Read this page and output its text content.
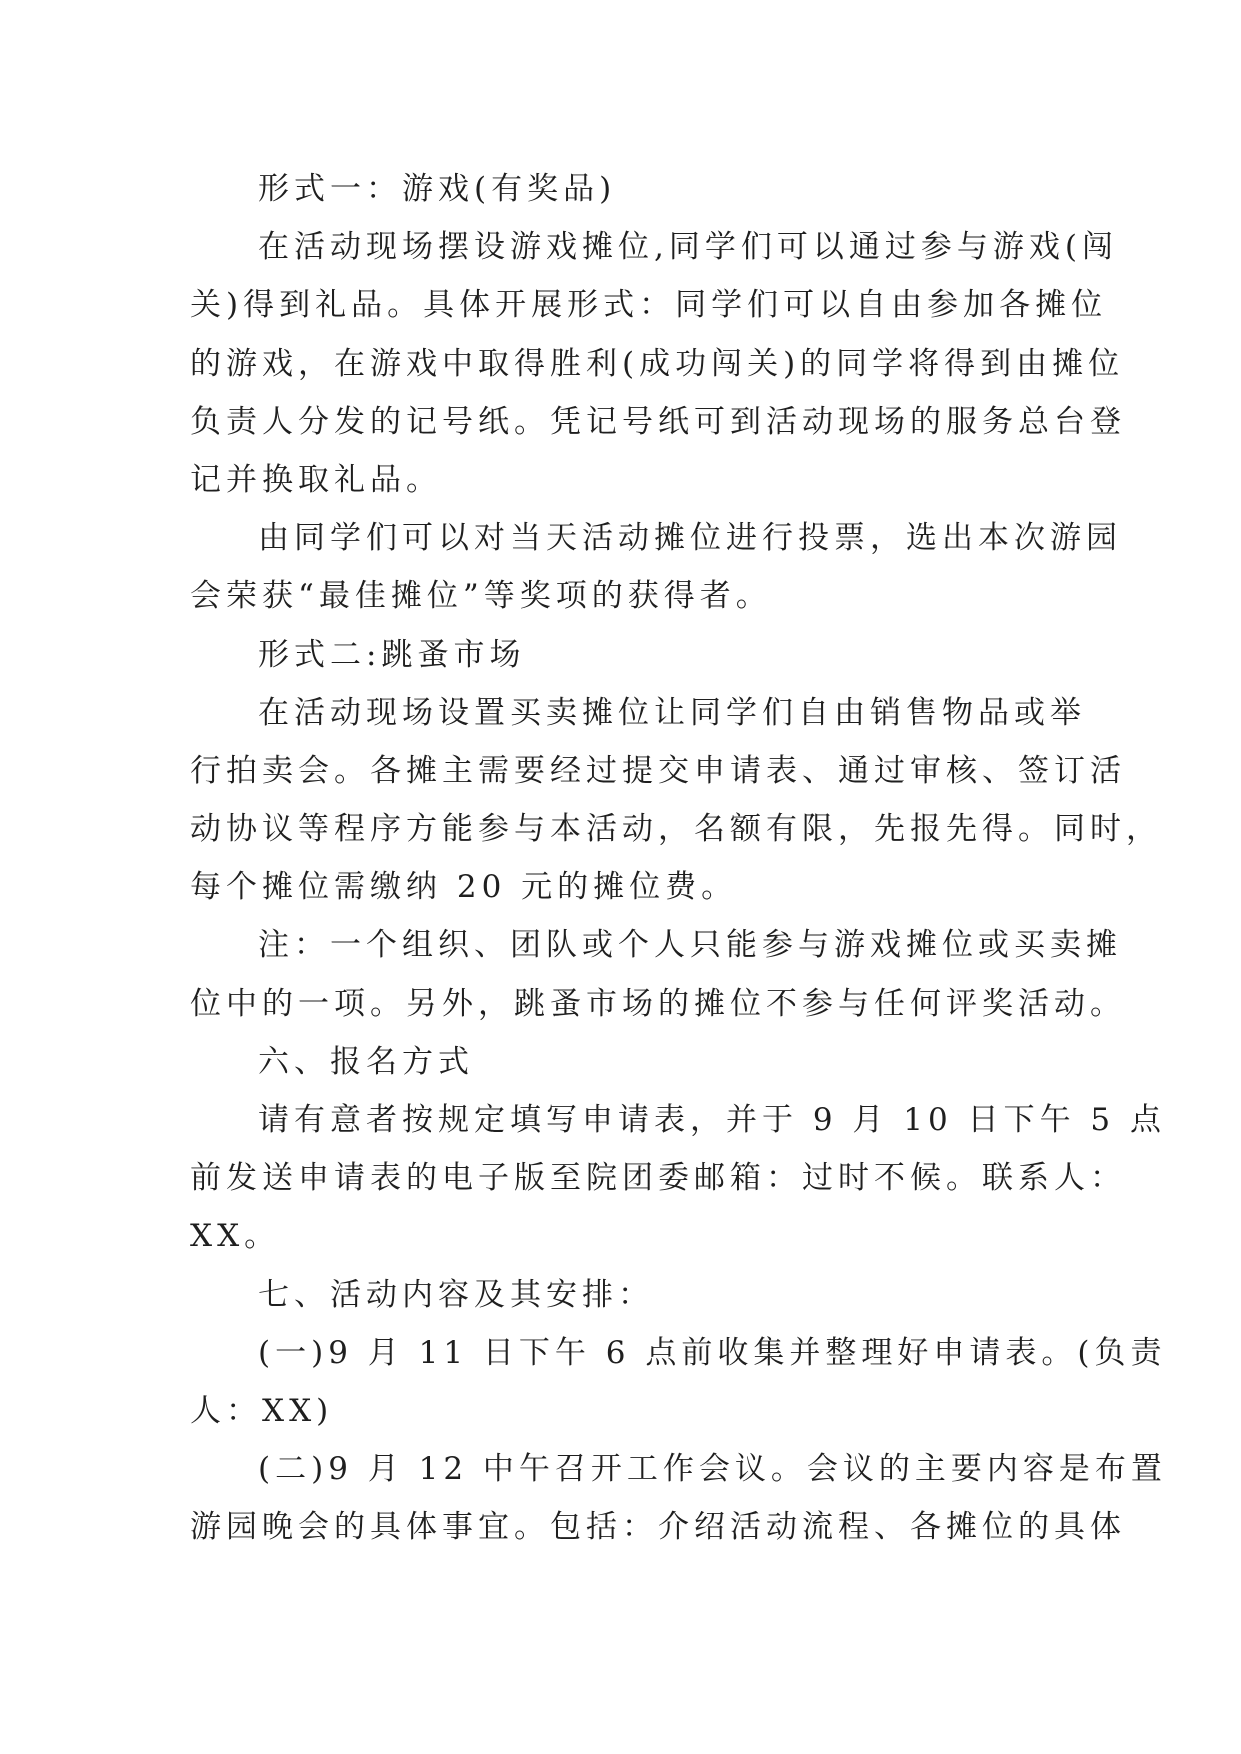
形式一：游戏(有奖品)
在活动现场摆设游戏摊位,同学们可以通过参与游戏(闯
关)得到礼品。具体开展形式：同学们可以自由参加各摊位
的游戏，在游戏中取得胜利(成功闯关)的同学将得到由摊位
负责人分发的记号纸。凭记号纸可到活动现场的服务总台登
记并换取礼品。
由同学们可以对当天活动摊位进行投票，选出本次游园
会荣获“最佳摊位”等奖项的获得者。
形式二:跳蚤市场
在活动现场设置买卖摊位让同学们自由销售物品或举
行拍卖会。各摊主需要经过提交申请表、通过审核、签订活
动协议等程序方能参与本活动，名额有限，先报先得。同时，
每个摊位需缴纳 20 元的摊位费。
注：一个组织、团队或个人只能参与游戏摊位或买卖摊
位中的一项。另外，跳蚤市场的摊位不参与任何评奖活动。
六、报名方式
请有意者按规定填写申请表，并于 9 月 10 日下午 5 点
前发送申请表的电子版至院团委邮箱：过时不候。联系人：
XX。
七、活动内容及其安排：
(一)9 月 11 日下午 6 点前收集并整理好申请表。(负责
人：XX)
(二)9 月 12 中午召开工作会议。会议的主要内容是布置
游园晚会的具体事宜。包括：介绍活动流程、各摊位的具体
